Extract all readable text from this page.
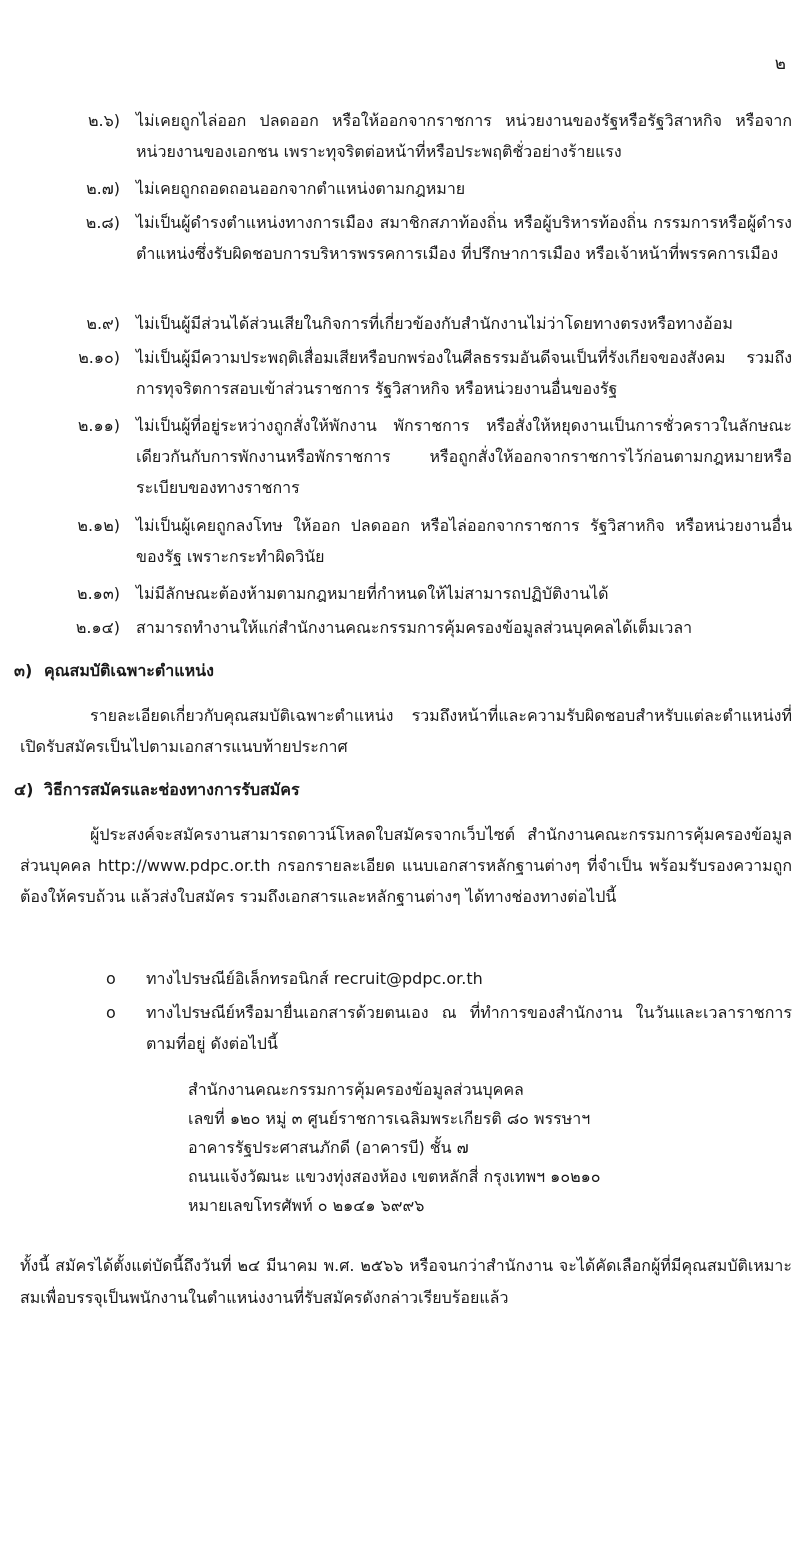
๒
๒.๖) ไม่เคยถูกไล่ออก ปลดออก หรือให้ออกจากราชการ หน่วยงานของรัฐหรือรัฐวิสาหกิจ หรือจากหน่วยงานของเอกชน เพราะทุจริตต่อหน้าที่หรือประพฤติชั่วอย่างร้ายแรง
๒.๗) ไม่เคยถูกถอดถอนออกจากตำแหน่งตามกฎหมาย
๒.๘) ไม่เป็นผู้ดำรงตำแหน่งทางการเมือง สมาชิกสภาท้องถิ่น หรือผู้บริหารท้องถิ่น กรรมการหรือผู้ดำรงตำแหน่งซึ่งรับผิดชอบการบริหารพรรคการเมือง ที่ปรึกษาการเมือง หรือเจ้าหน้าที่พรรคการเมือง
๒.๙) ไม่เป็นผู้มีส่วนได้ส่วนเสียในกิจการที่เกี่ยวข้องกับสำนักงานไม่ว่าโดยทางตรงหรือทางอ้อม
๒.๑๐) ไม่เป็นผู้มีความประพฤติเสื่อมเสียหรือบกพร่องในศีลธรรมอันดีจนเป็นที่รังเกียจของสังคม รวมถึงการทุจริตการสอบเข้าส่วนราชการ รัฐวิสาหกิจ หรือหน่วยงานอื่นของรัฐ
๒.๑๑) ไม่เป็นผู้ที่อยู่ระหว่างถูกสั่งให้พักงาน พักราชการ หรือสั่งให้หยุดงานเป็นการชั่วคราวในลักษณะเดียวกันกับการพักงานหรือพักราชการ หรือถูกสั่งให้ออกจากราชการไว้ก่อนตามกฎหมายหรือระเบียบของทางราชการ
๒.๑๒) ไม่เป็นผู้เคยถูกลงโทษ ให้ออก ปลดออก หรือไล่ออกจากราชการ รัฐวิสาหกิจ หรือหน่วยงานอื่นของรัฐ เพราะกระทำผิดวินัย
๒.๑๓) ไม่มีลักษณะต้องห้ามตามกฎหมายที่กำหนดให้ไม่สามารถปฏิบัติงานได้
๒.๑๔) สามารถทำงานให้แก่สำนักงานคณะกรรมการคุ้มครองข้อมูลส่วนบุคคลได้เต็มเวลา
๓) คุณสมบัติเฉพาะตำแหน่ง
รายละเอียดเกี่ยวกับคุณสมบัติเฉพาะตำแหน่ง รวมถึงหน้าที่และความรับผิดชอบสำหรับแต่ละตำแหน่งที่เปิดรับสมัครเป็นไปตามเอกสารแนบท้ายประกาศ
๔) วิธีการสมัครและช่องทางการรับสมัคร
ผู้ประสงค์จะสมัครงานสามารถดาวน์โหลดใบสมัครจากเว็บไซต์ สำนักงานคณะกรรมการคุ้มครองข้อมูลส่วนบุคคล http://www.pdpc.or.th กรอกรายละเอียด แนบเอกสารหลักฐานต่างๆ ที่จำเป็น พร้อมรับรองความถูกต้องให้ครบถ้วน แล้วส่งใบสมัคร รวมถึงเอกสารและหลักฐานต่างๆ ได้ทางช่องทางต่อไปนี้
o ทางไปรษณีย์อิเล็กทรอนิกส์ recruit@pdpc.or.th
o ทางไปรษณีย์หรือมายื่นเอกสารด้วยตนเอง ณ ที่ทำการของสำนักงาน ในวันและเวลาราชการ ตามที่อยู่ ดังต่อไปนี้
สำนักงานคณะกรรมการคุ้มครองข้อมูลส่วนบุคคล
เลขที่ ๑๒๐ หมู่ ๓ ศูนย์ราชการเฉลิมพระเกียรติ ๘๐ พรรษาฯ
อาคารรัฐประศาสนภักดี (อาคารบี) ชั้น ๗
ถนนแจ้งวัฒนะ แขวงทุ่งสองห้อง เขตหลักสี่ กรุงเทพฯ ๑๐๒๑๐
หมายเลขโทรศัพท์ ๐ ๒๑๔๑ ๖๙๙๖
ทั้งนี้ สมัครได้ตั้งแต่บัดนี้ถึงวันที่ ๒๔ มีนาคม พ.ศ. ๒๕๖๖ หรือจนกว่าสำนักงาน จะได้คัดเลือกผู้ที่มีคุณสมบัติเหมาะสมเพื่อบรรจุเป็นพนักงานในตำแหน่งงานที่รับสมัครดังกล่าวเรียบร้อยแล้ว
